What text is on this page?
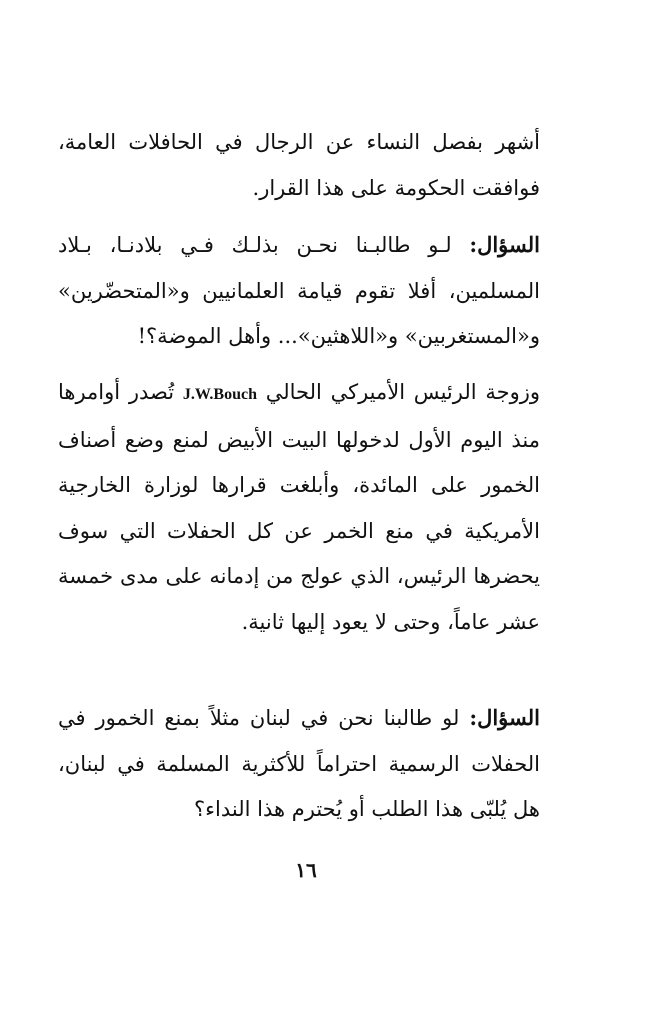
أشهر بفصل النساء عن الرجال في الحافلات العامة، فوافقت الحكومة على هذا القرار.

السؤال: لـو طالبـنا نحـن بذلـك فـي بلادنـا، بـلاد المسلمين، أفلا تقوم قيامة العلمانيين و«المتحضّرين» و«المستغربين» و«اللاهثين»... وأهل الموضة؟!

وزوجة الرئيس الأميركي الحالي J.W.Bouch تُصدر أوامرها منذ اليوم الأول لدخولها البيت الأبيض لمنع وضع أصناف الخمور على المائدة، وأبلغت قرارها لوزارة الخارجية الأمريكية في منع الخمر عن كل الحفلات التي سوف يحضرها الرئيس، الذي عولج من إدمانه على مدى خمسة عشر عاماً، وحتى لا يعود إليها ثانية.

السؤال: لو طالبنا نحن في لبنان مثلاً بمنع الخمور في الحفلات الرسمية احتراماً للأكثرية المسلمة في لبنان، هل يُلبّى هذا الطلب أو يُحترم هذا النداء؟

١٦
